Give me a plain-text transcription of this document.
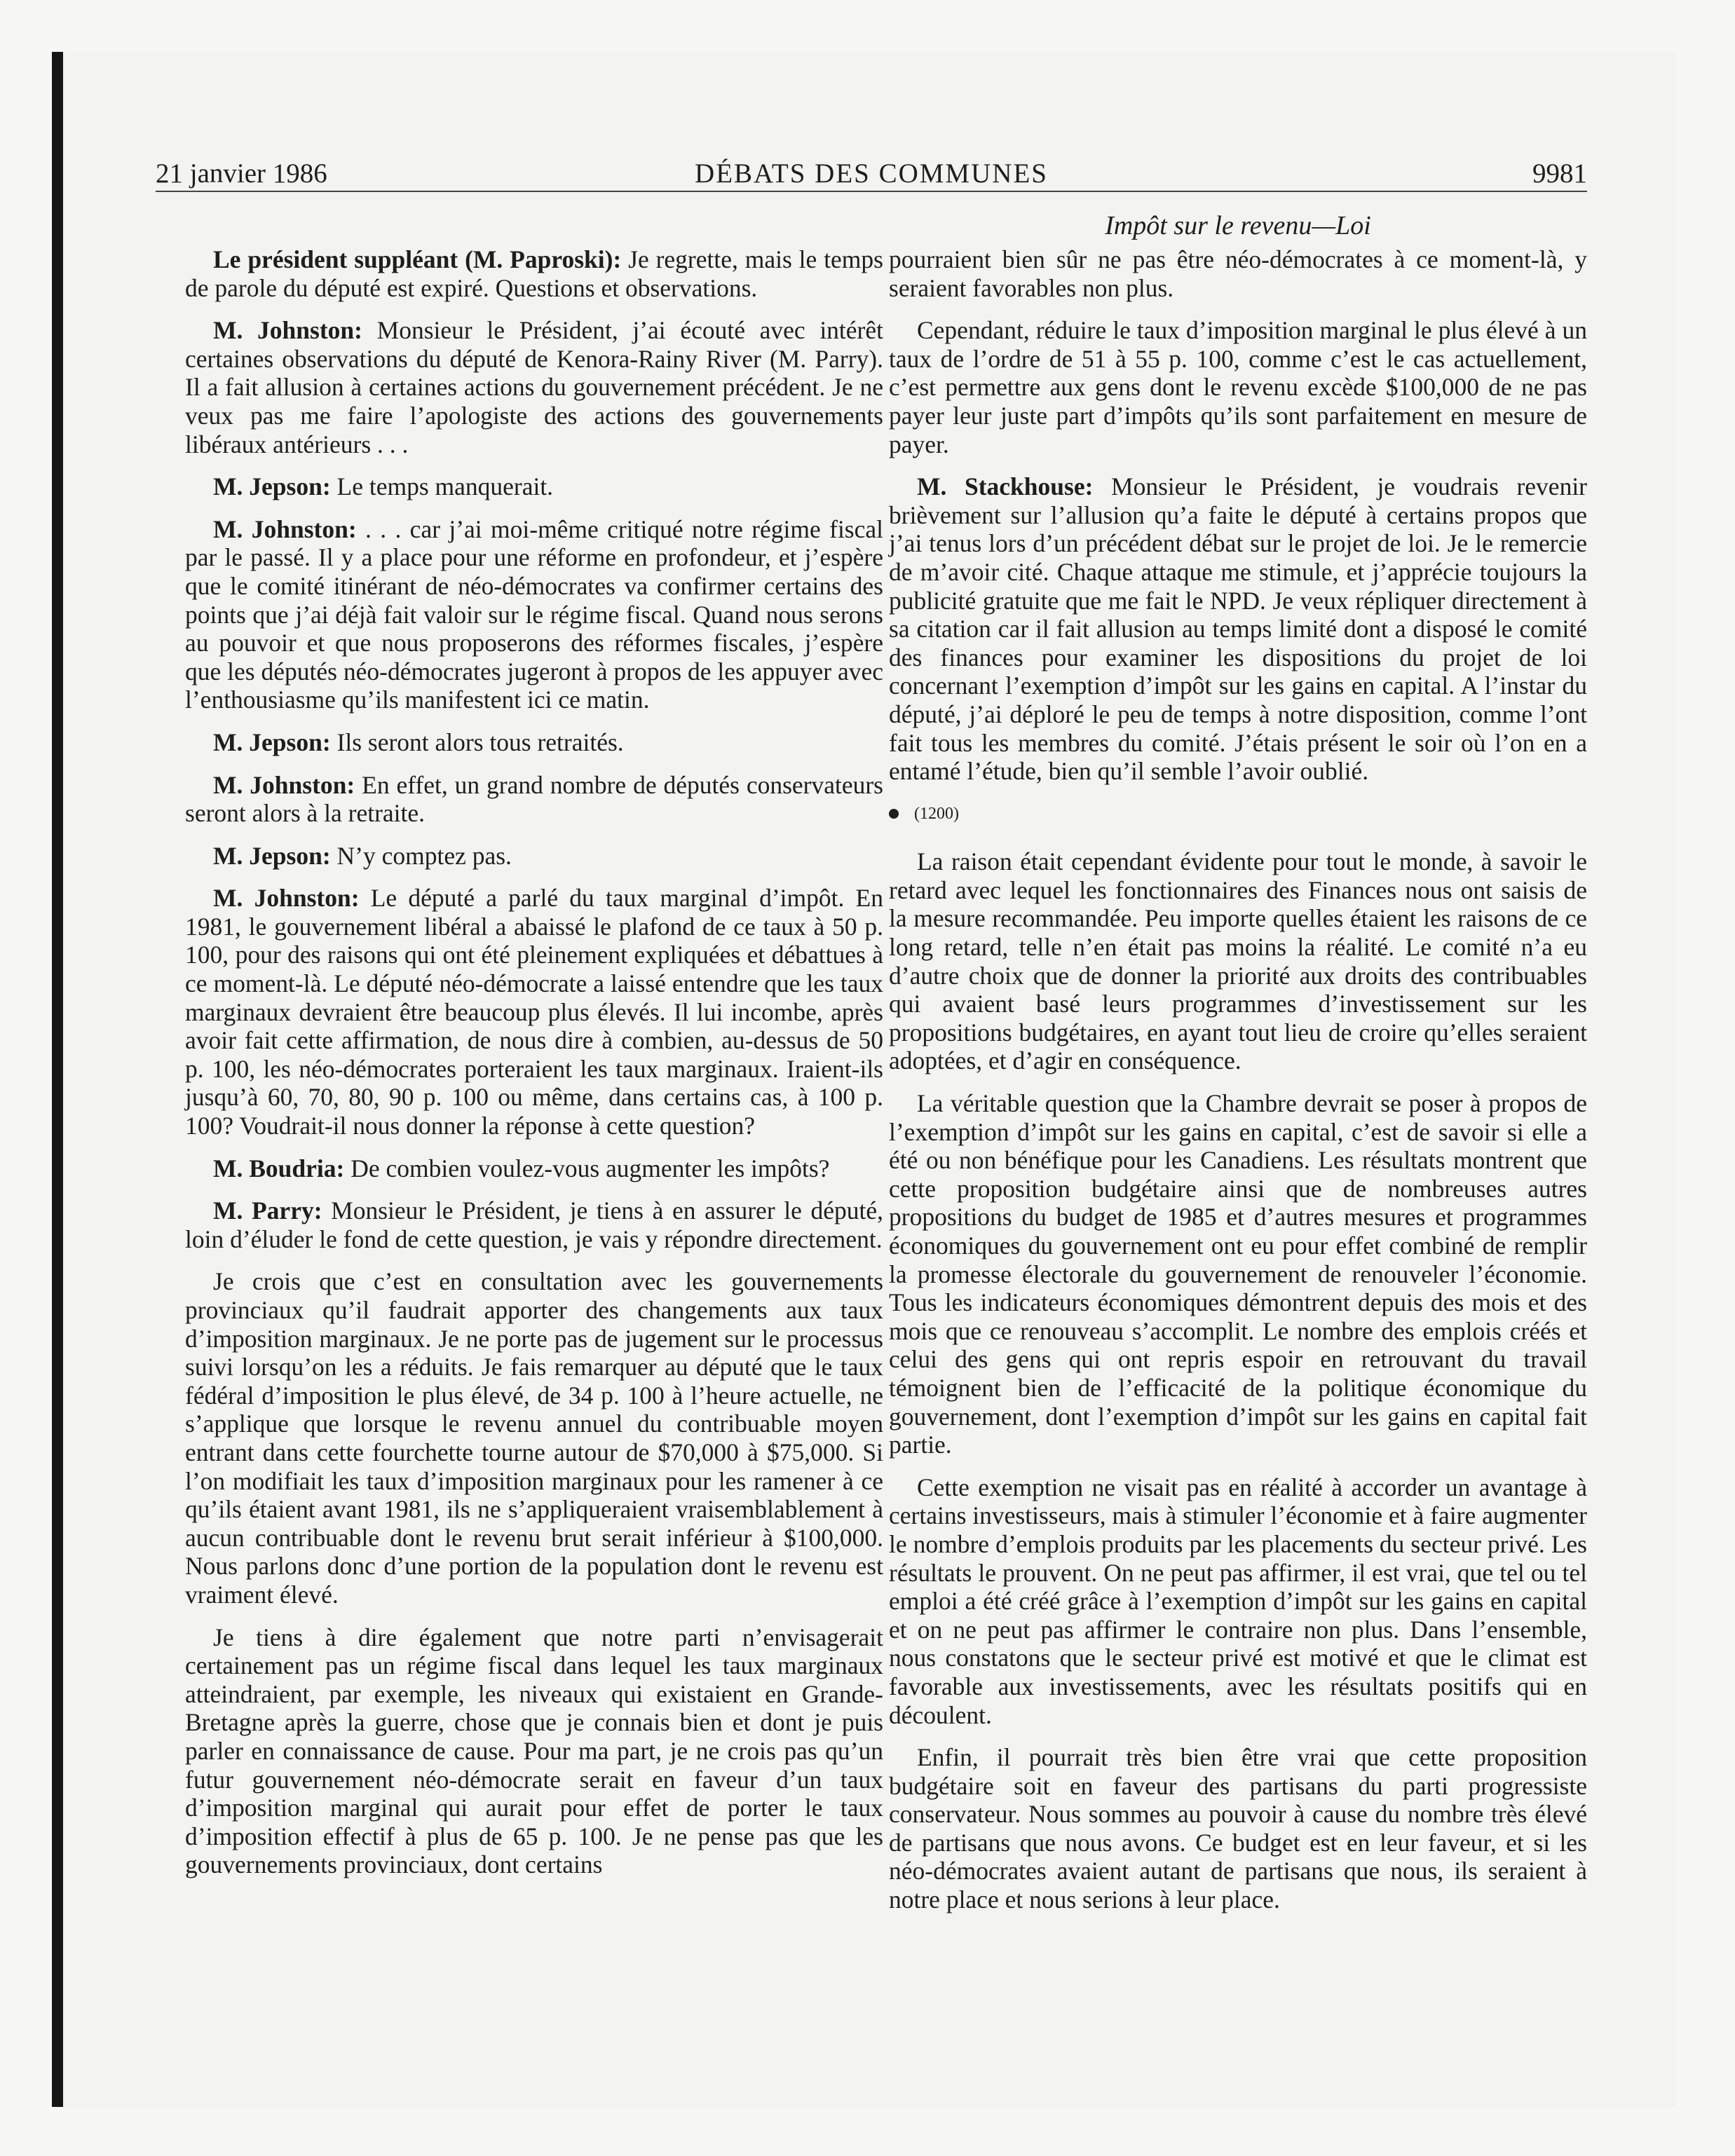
21 janvier 1986	DÉBATS DES COMMUNES	9981

Le président suppléant (M. Paproski): Je regrette, mais le temps de parole du député est expiré. Questions et observations.

M. Johnston: Monsieur le Président, j’ai écouté avec intérêt certaines observations du député de Kenora-Rainy River (M. Parry). Il a fait allusion à certaines actions du gouvernement précédent. Je ne veux pas me faire l’apologiste des actions des gouvernements libéraux antérieurs . . .

M. Jepson: Le temps manquerait.

M. Johnston: . . . car j’ai moi-même critiqué notre régime fiscal par le passé. Il y a place pour une réforme en profondeur, et j’espère que le comité itinérant de néo-démocrates va confirmer certains des points que j’ai déjà fait valoir sur le régime fiscal. Quand nous serons au pouvoir et que nous proposerons des réformes fiscales, j’espère que les députés néo-démocrates jugeront à propos de les appuyer avec l’enthousiasme qu’ils manifestent ici ce matin.

M. Jepson: Ils seront alors tous retraités.

M. Johnston: En effet, un grand nombre de députés conservateurs seront alors à la retraite.

M. Jepson: N’y comptez pas.

M. Johnston: Le député a parlé du taux marginal d’impôt. En 1981, le gouvernement libéral a abaissé le plafond de ce taux à 50 p. 100, pour des raisons qui ont été pleinement expliquées et débattues à ce moment-là. Le député néo-démocrate a laissé entendre que les taux marginaux devraient être beaucoup plus élevés. Il lui incombe, après avoir fait cette affirmation, de nous dire à combien, au-dessus de 50 p. 100, les néo-démocrates porteraient les taux marginaux. Iraient-ils jusqu’à 60, 70, 80, 90 p. 100 ou même, dans certains cas, à 100 p. 100? Voudrait-il nous donner la réponse à cette question?

M. Boudria: De combien voulez-vous augmenter les impôts?

M. Parry: Monsieur le Président, je tiens à en assurer le député, loin d’éluder le fond de cette question, je vais y répondre directement.

Je crois que c’est en consultation avec les gouvernements provinciaux qu’il faudrait apporter des changements aux taux d’imposition marginaux. Je ne porte pas de jugement sur le processus suivi lorsqu’on les a réduits. Je fais remarquer au député que le taux fédéral d’imposition le plus élevé, de 34 p. 100 à l’heure actuelle, ne s’applique que lorsque le revenu annuel du contribuable moyen entrant dans cette fourchette tourne autour de $70,000 à $75,000. Si l’on modifiait les taux d’imposition marginaux pour les ramener à ce qu’ils étaient avant 1981, ils ne s’appliqueraient vraisemblablement à aucun contribuable dont le revenu brut serait inférieur à $100,000. Nous parlons donc d’une portion de la population dont le revenu est vraiment élevé.

Je tiens à dire également que notre parti n’envisagerait certainement pas un régime fiscal dans lequel les taux marginaux atteindraient, par exemple, les niveaux qui existaient en Grande-Bretagne après la guerre, chose que je connais bien et dont je puis parler en connaissance de cause. Pour ma part, je ne crois pas qu’un futur gouvernement néo-démocrate serait en faveur d’un taux d’imposition marginal qui aurait pour effet de porter le taux d’imposition effectif à plus de 65 p. 100. Je ne pense pas que les gouvernements provinciaux, dont certains

Impôt sur le revenu—Loi

pourraient bien sûr ne pas être néo-démocrates à ce moment-là, y seraient favorables non plus.

Cependant, réduire le taux d’imposition marginal le plus élevé à un taux de l’ordre de 51 à 55 p. 100, comme c’est le cas actuellement, c’est permettre aux gens dont le revenu excède $100,000 de ne pas payer leur juste part d’impôts qu’ils sont parfaitement en mesure de payer.

M. Stackhouse: Monsieur le Président, je voudrais revenir brièvement sur l’allusion qu’a faite le député à certains propos que j’ai tenus lors d’un précédent débat sur le projet de loi. Je le remercie de m’avoir cité. Chaque attaque me stimule, et j’apprécie toujours la publicité gratuite que me fait le NPD. Je veux répliquer directement à sa citation car il fait allusion au temps limité dont a disposé le comité des finances pour examiner les dispositions du projet de loi concernant l’exemption d’impôt sur les gains en capital. A l’instar du député, j’ai déploré le peu de temps à notre disposition, comme l’ont fait tous les membres du comité. J’étais présent le soir où l’on en a entamé l’étude, bien qu’il semble l’avoir oublié.

(1200)

La raison était cependant évidente pour tout le monde, à savoir le retard avec lequel les fonctionnaires des Finances nous ont saisis de la mesure recommandée. Peu importe quelles étaient les raisons de ce long retard, telle n’en était pas moins la réalité. Le comité n’a eu d’autre choix que de donner la priorité aux droits des contribuables qui avaient basé leurs programmes d’investissement sur les propositions budgétaires, en ayant tout lieu de croire qu’elles seraient adoptées, et d’agir en conséquence.

La véritable question que la Chambre devrait se poser à propos de l’exemption d’impôt sur les gains en capital, c’est de savoir si elle a été ou non bénéfique pour les Canadiens. Les résultats montrent que cette proposition budgétaire ainsi que de nombreuses autres propositions du budget de 1985 et d’autres mesures et programmes économiques du gouvernement ont eu pour effet combiné de remplir la promesse électorale du gouvernement de renouveler l’économie. Tous les indicateurs économiques démontrent depuis des mois et des mois que ce renouveau s’accomplit. Le nombre des emplois créés et celui des gens qui ont repris espoir en retrouvant du travail témoignent bien de l’efficacité de la politique économique du gouvernement, dont l’exemption d’impôt sur les gains en capital fait partie.

Cette exemption ne visait pas en réalité à accorder un avantage à certains investisseurs, mais à stimuler l’économie et à faire augmenter le nombre d’emplois produits par les placements du secteur privé. Les résultats le prouvent. On ne peut pas affirmer, il est vrai, que tel ou tel emploi a été créé grâce à l’exemption d’impôt sur les gains en capital et on ne peut pas affirmer le contraire non plus. Dans l’ensemble, nous constatons que le secteur privé est motivé et que le climat est favorable aux investissements, avec les résultats positifs qui en découlent.

Enfin, il pourrait très bien être vrai que cette proposition budgétaire soit en faveur des partisans du parti progressiste conservateur. Nous sommes au pouvoir à cause du nombre très élevé de partisans que nous avons. Ce budget est en leur faveur, et si les néo-démocrates avaient autant de partisans que nous, ils seraient à notre place et nous serions à leur place.
